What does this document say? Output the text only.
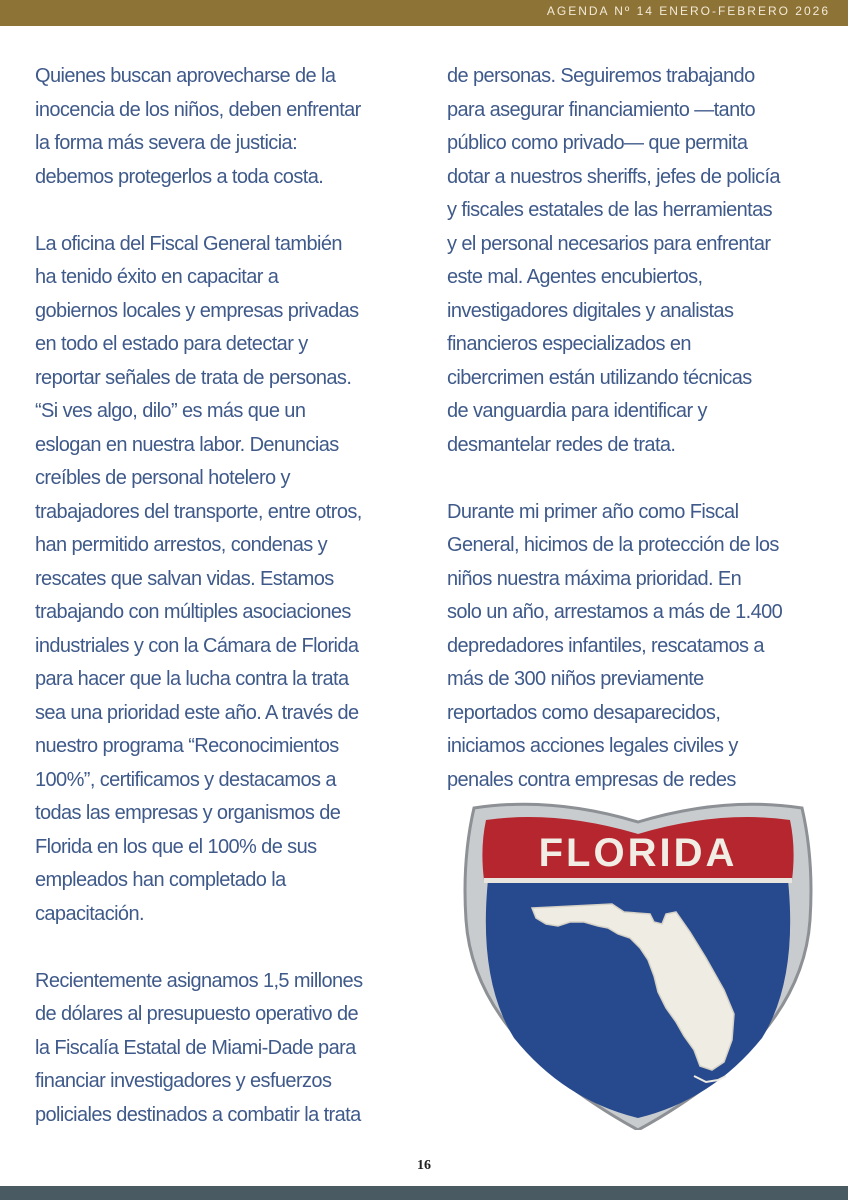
AGENDA Nº 14 ENERO-FEBRERO 2026

Quienes buscan aprovecharse de la
inocencia de los niños, deben enfrentar
la forma más severa de justicia:
debemos protegerlos a toda costa.

La oficina del Fiscal General también
ha tenido éxito en capacitar a
gobiernos locales y empresas privadas
en todo el estado para detectar y
reportar señales de trata de personas.
“Si ves algo, dilo” es más que un
eslogan en nuestra labor. Denuncias
creíbles de personal hotelero y
trabajadores del transporte, entre otros,
han permitido arrestos, condenas y
rescates que salvan vidas. Estamos
trabajando con múltiples asociaciones
industriales y con la Cámara de Florida
para hacer que la lucha contra la trata
sea una prioridad este año. A través de
nuestro programa “Reconocimientos
100%”, certificamos y destacamos a
todas las empresas y organismos de
Florida en los que el 100% de sus
empleados han completado la
capacitación.

Recientemente asignamos 1,5 millones
de dólares al presupuesto operativo de
la Fiscalía Estatal de Miami-Dade para
financiar investigadores y esfuerzos
policiales destinados a combatir la trata

de personas. Seguiremos trabajando
para asegurar financiamiento —tanto
público como privado— que permita
dotar a nuestros sheriffs, jefes de policía
y fiscales estatales de las herramientas
y el personal necesarios para enfrentar
este mal. Agentes encubiertos,
investigadores digitales y analistas
financieros especializados en
cibercrimen están utilizando técnicas
de vanguardia para identificar y
desmantelar redes de trata.

Durante mi primer año como Fiscal
General, hicimos de la protección de los
niños nuestra máxima prioridad. En
solo un año, arrestamos a más de 1.400
depredadores infantiles, rescatamos a
más de 300 niños previamente
reportados como desaparecidos,
iniciamos acciones legales civiles y
penales contra empresas de redes

FLORIDA
16
